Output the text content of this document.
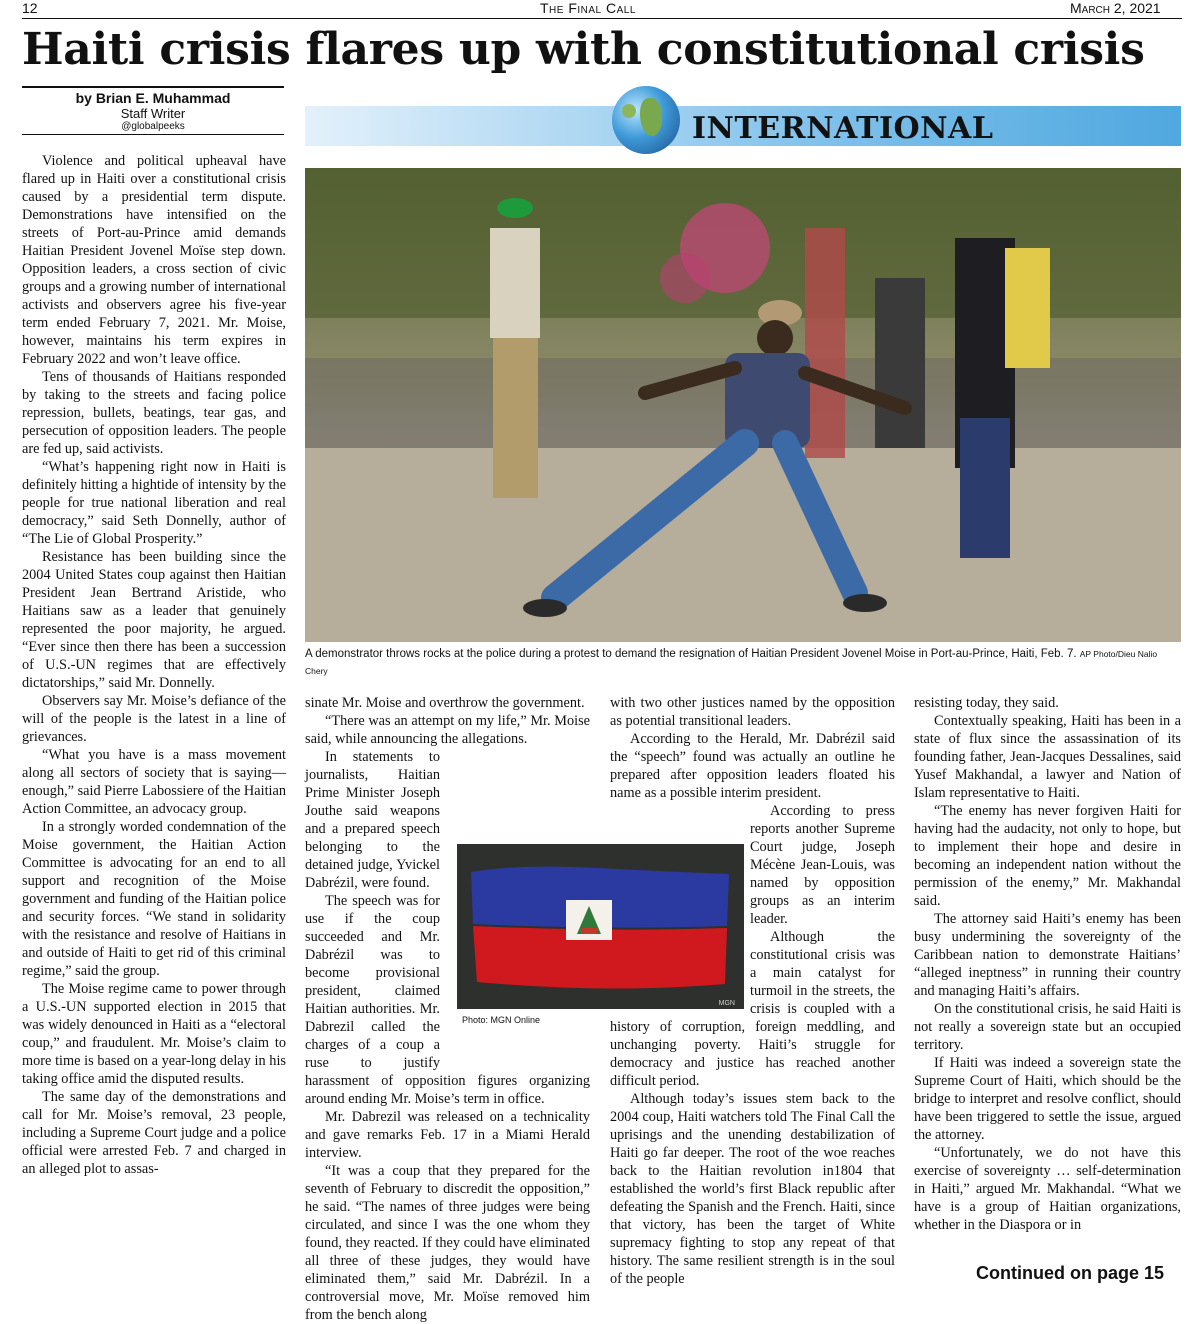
12	The Final Call	March 2, 2021
Haiti crisis flares up with constitutional crisis
by Brian E. Muhammad
Staff Writer
@globalpeeks	INTERNATIONAL
A demonstrator throws rocks at the police during a protest to demand the resignation of Haitian President Jovenel Moise in Port-au-Prince, Haiti, Feb. 7. AP Photo/Dieu Nalio Chery

Violence and political upheaval have flared up in Haiti over a constitutional crisis caused by a presidential term dispute. Demonstrations have intensified on the streets of Port-au-Prince amid demands Haitian President Jovenel Moïse step down. Opposition leaders, a cross section of civic groups and a growing number of international activists and observers agree his five-year term ended February 7, 2021. Mr. Moise, however, maintains his term expires in February 2022 and won’t leave office.

Tens of thousands of Haitians responded by taking to the streets and facing police repression, bullets, beatings, tear gas, and persecution of opposition leaders. The people are fed up, said activists.

“What’s happening right now in Haiti is definitely hitting a hightide of intensity by the people for true national liberation and real democracy,” said Seth Donnelly, author of “The Lie of Global Prosperity.”

Resistance has been building since the 2004 United States coup against then Haitian President Jean Bertrand Aristide, who Haitians saw as a leader that genuinely represented the poor majority, he argued. “Ever since then there has been a succession of U.S.-UN regimes that are effectively dictatorships,” said Mr. Donnelly.

Observers say Mr. Moise’s defiance of the will of the people is the latest in a line of grievances.

“What you have is a mass movement along all sectors of society that is saying—enough,” said Pierre Labossiere of the Haitian Action Committee, an advocacy group.

In a strongly worded condemnation of the Moise government, the Haitian Action Committee is advocating for an end to all support and recognition of the Moise government and funding of the Haitian police and security forces. “We stand in solidarity with the resistance and resolve of Haitians in and outside of Haiti to get rid of this criminal regime,” said the group.

The Moise regime came to power through a U.S.-UN supported election in 2015 that was widely denounced in Haiti as a “electoral coup,” and fraudulent. Mr. Moise’s claim to more time is based on a year-long delay in his taking office amid the disputed results.

The same day of the demonstrations and call for Mr. Moise’s removal, 23 people, including a Supreme Court judge and a police official were arrested Feb. 7 and charged in an alleged plot to assas-

sinate Mr. Moise and overthrow the government.

“There was an attempt on my life,” Mr. Moise said, while announcing the allegations.

In statements to journalists, Haitian Prime Minister Joseph Jouthe said weapons and a prepared speech belonging to the detained judge, Yvickel Dabrézil, were found.

The speech was for use if the coup succeeded and Mr. Dabrézil was to become provisional president, claimed Haitian authorities. Mr. Dabrezil called the charges of a coup a ruse to justify harassment of opposition figures organizing around ending Mr. Moise’s term in office.

Mr. Dabrezil was released on a technicality and gave remarks Feb. 17 in a Miami Herald interview.

“It was a coup that they prepared for the seventh of February to discredit the opposition,” he said. “The names of three judges were being circulated, and since I was the one whom they found, they reacted. If they could have eliminated all three of these judges, they would have eliminated them,” said Mr. Dabrézil. In a controversial move, Mr. Moïse removed him from the bench along

with two other justices named by the opposition as potential transitional leaders.

According to the Herald, Mr. Dabrézil said the “speech” found was actually an outline he prepared after opposition leaders floated his name as a possible interim president.

According to press reports another Supreme Court judge, Joseph Mécène Jean-Louis, was named by opposition groups as an interim leader.

Although the constitutional crisis was a main catalyst for turmoil in the streets, the crisis is coupled with a history of corruption, foreign meddling, and unchanging poverty. Haiti’s struggle for democracy and justice has reached another difficult period.

Although today’s issues stem back to the 2004 coup, Haiti watchers told The Final Call the uprisings and the unending destabilization of Haiti go far deeper. The root of the woe reaches back to the Haitian revolution in1804 that established the world’s first Black republic after defeating the Spanish and the French. Haiti, since that victory, has been the target of White supremacy fighting to stop any repeat of that history. The same resilient strength is in the soul of the people

resisting today, they said.

Contextually speaking, Haiti has been in a state of flux since the assassination of its founding father, Jean-Jacques Dessalines, said Yusef Makhandal, a lawyer and Nation of Islam representative to Haiti.

“The enemy has never forgiven Haiti for having had the audacity, not only to hope, but to implement their hope and desire in becoming an independent nation without the permission of the enemy,” Mr. Makhandal said.

The attorney said Haiti’s enemy has been busy undermining the sovereignty of the Caribbean nation to demonstrate Haitians’ “alleged ineptness” in running their country and managing Haiti’s affairs.

On the constitutional crisis, he said Haiti is not really a sovereign state but an occupied territory.

If Haiti was indeed a sovereign state the Supreme Court of Haiti, which should be the bridge to interpret and resolve conflict, should have been triggered to settle the issue, argued the attorney.

“Unfortunately, we do not have this exercise of sovereignty … self-determination in Haiti,” argued Mr. Makhandal. “What we have is a group of Haitian organizations, whether in the Diaspora or in

MGN
Photo: MGN Online
Continued on page 15
